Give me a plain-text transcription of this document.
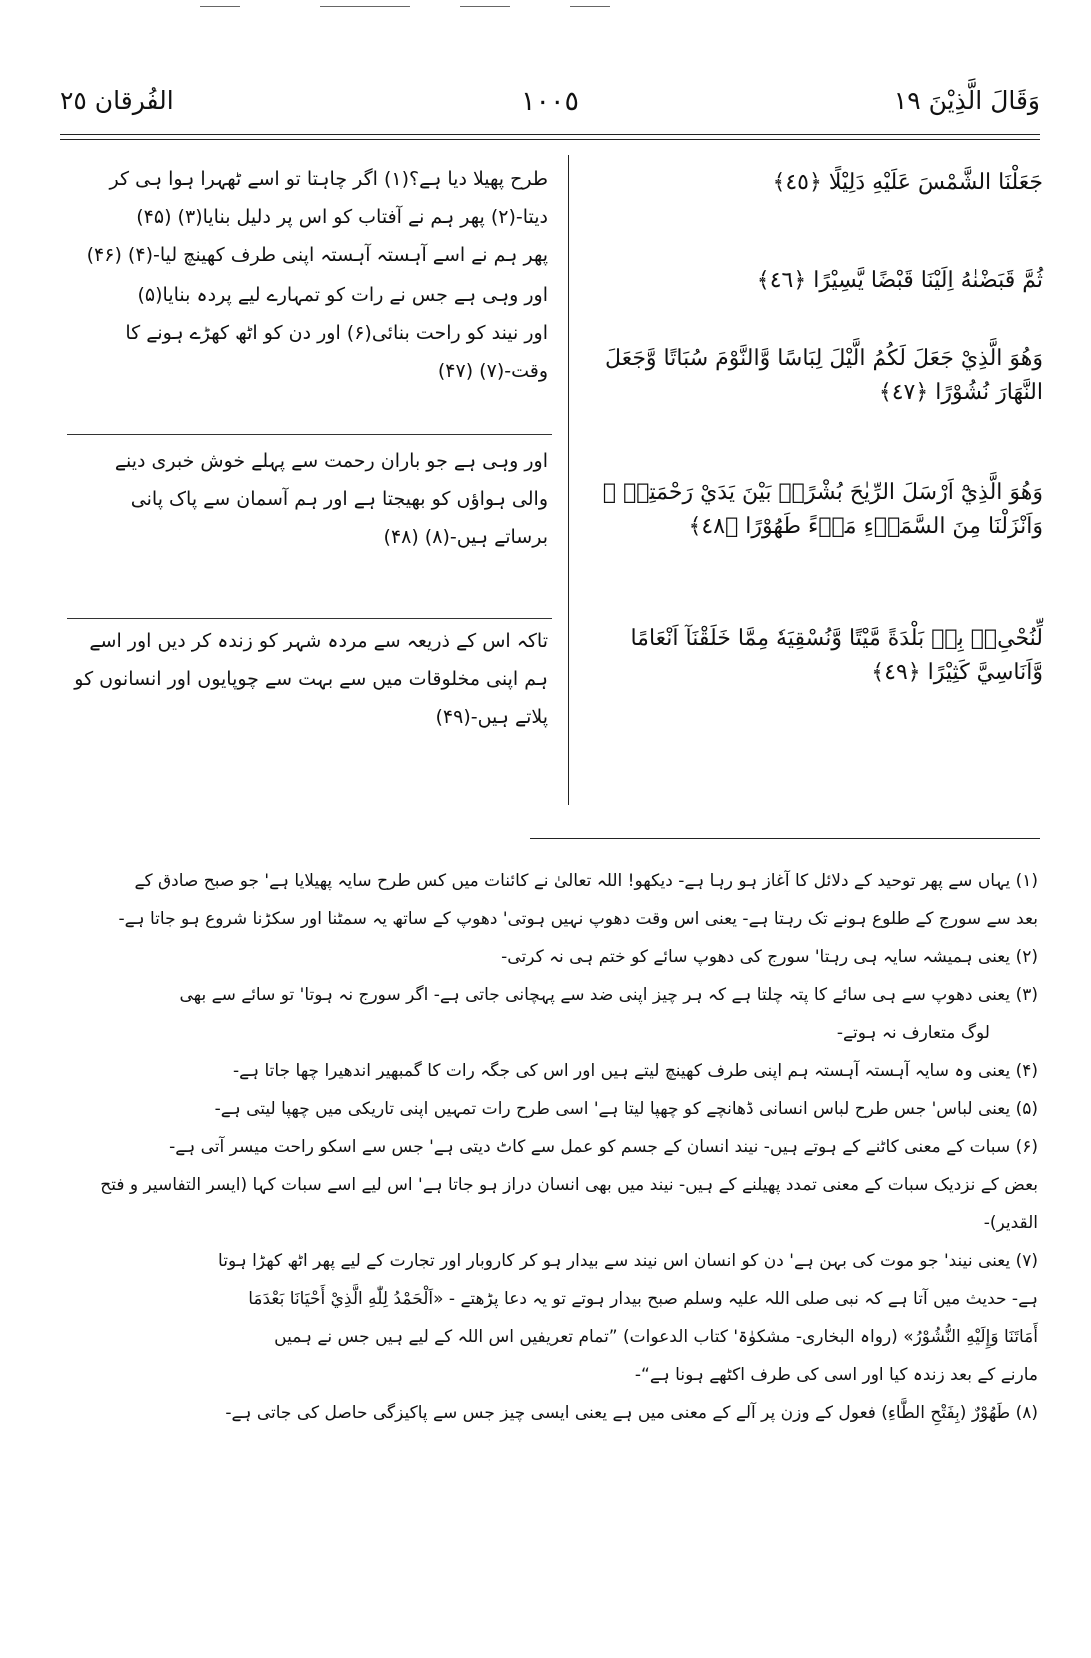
وَقَالَ الَّذِيْنَ ١٩
١٠٠٥
الفُرقان ٢٥
جَعَلْنَا الشَّمْسَ عَلَيْهِ دَلِيْلًا ﴿٤٥﴾
ثُمَّ قَبَضْنٰهُ اِلَيْنَا قَبْضًا يَّسِيْرًا ﴿٤٦﴾
وَهُوَ الَّذِيْ جَعَلَ لَكُمُ الَّيْلَ لِبَاسًا وَّالنَّوْمَ سُبَاتًا وَّجَعَلَ
النَّهَارَ نُشُوْرًا ﴿٤٧﴾
وَهُوَ الَّذِيْٓ اَرْسَلَ الرِّيٰحَ بُشْرًاۢ بَيْنَ يَدَيْ رَحْمَتِهٖ ۚ
وَاَنْزَلْنَا مِنَ السَّمَاۗءِ مَاۗءً طَهُوْرًا ﴿٤٨﴾
لِّنُحْیِۦَ بِهٖ بَلْدَةً مَّيْتًا وَّنُسْقِيَهٗ مِمَّا خَلَقْنَآ اَنْعَامًا
وَّاَنَاسِيَّ كَثِيْرًا ﴿٤٩﴾
طرح پھیلا دیا ہے؟(۱) اگر چاہتا تو اسے ٹھہرا ہوا ہی کر
دیتا-(۲) پھر ہم نے آفتاب کو اس پر دلیل بنایا(۳) (۴۵)
پھر ہم نے اسے آہستہ آہستہ اپنی طرف کھینچ لیا-(۴) (۴۶)
اور وہی ہے جس نے رات کو تمہارے لیے پردہ بنایا(۵)
اور نیند کو راحت بنائی(۶) اور دن کو اٹھ کھڑے ہونے کا
وقت-(۷) (۴۷)
اور وہی ہے جو باران رحمت سے پہلے خوش خبری دینے
والی ہواؤں کو بھیجتا ہے اور ہم آسمان سے پاک پانی
برساتے ہیں-(۸) (۴۸)
تاکہ اس کے ذریعہ سے مردہ شہر کو زندہ کر دیں اور اسے
ہم اپنی مخلوقات میں سے بہت سے چوپایوں اور انسانوں کو
پلاتے ہیں-(۴۹)

(۱) یہاں سے پھر توحید کے دلائل کا آغاز ہو رہا ہے- دیکھو! اللہ تعالیٰ نے کائنات میں کس طرح سایہ پھیلایا ہے' جو صبح صادق کے

بعد سے سورج کے طلوع ہونے تک رہتا ہے- یعنی اس وقت دھوپ نہیں ہوتی' دھوپ کے ساتھ یہ سمٹنا اور سکڑنا شروع ہو جاتا ہے-

(۲) یعنی ہمیشہ سایہ ہی رہتا' سورج کی دھوپ سائے کو ختم ہی نہ کرتی-

(۳) یعنی دھوپ سے ہی سائے کا پتہ چلتا ہے کہ ہر چیز اپنی ضد سے پہچانی جاتی ہے- اگر سورج نہ ہوتا' تو سائے سے بھی

لوگ متعارف نہ ہوتے-

(۴) یعنی وہ سایہ آہستہ آہستہ ہم اپنی طرف کھینچ لیتے ہیں اور اس کی جگہ رات کا گمبھیر اندھیرا چھا جاتا ہے-

(۵) یعنی لباس' جس طرح لباس انسانی ڈھانچے کو چھپا لیتا ہے' اسی طرح رات تمہیں اپنی تاریکی میں چھپا لیتی ہے-

(۶) سبات کے معنی کاٹنے کے ہوتے ہیں- نیند انسان کے جسم کو عمل سے کاٹ دیتی ہے' جس سے اسکو راحت میسر آتی ہے-

بعض کے نزدیک سبات کے معنی تمدد پھیلنے کے ہیں- نیند میں بھی انسان دراز ہو جاتا ہے' اس لیے اسے سبات کہا (ایسر التفاسیر و فتح القدیر)-

(۷) یعنی نیند' جو موت کی بہن ہے' دن کو انسان اس نیند سے بیدار ہو کر کاروبار اور تجارت کے لیے پھر اٹھ کھڑا ہوتا

ہے- حدیث میں آتا ہے کہ نبی صلی اللہ علیہ وسلم صبح بیدار ہوتے تو یہ دعا پڑھتے - «اَلْحَمْدُ لِلّٰهِ الَّذِيْ أَحْيَانَا بَعْدَمَا

أَمَاتَنَا وَإِلَيْهِ النُّشُوْرُ» (رواہ البخاری- مشکوٰۃ' کتاب الدعوات) ”تمام تعریفیں اس اللہ کے لیے ہیں جس نے ہمیں

مارنے کے بعد زندہ کیا اور اسی کی طرف اکٹھے ہونا ہے“-

(۸) طَهُوْرٌ (بِفَتْحِ الطَّاءِ) فعول کے وزن پر آلے کے معنی میں ہے یعنی ایسی چیز جس سے پاکیزگی حاصل کی جاتی ہے-
